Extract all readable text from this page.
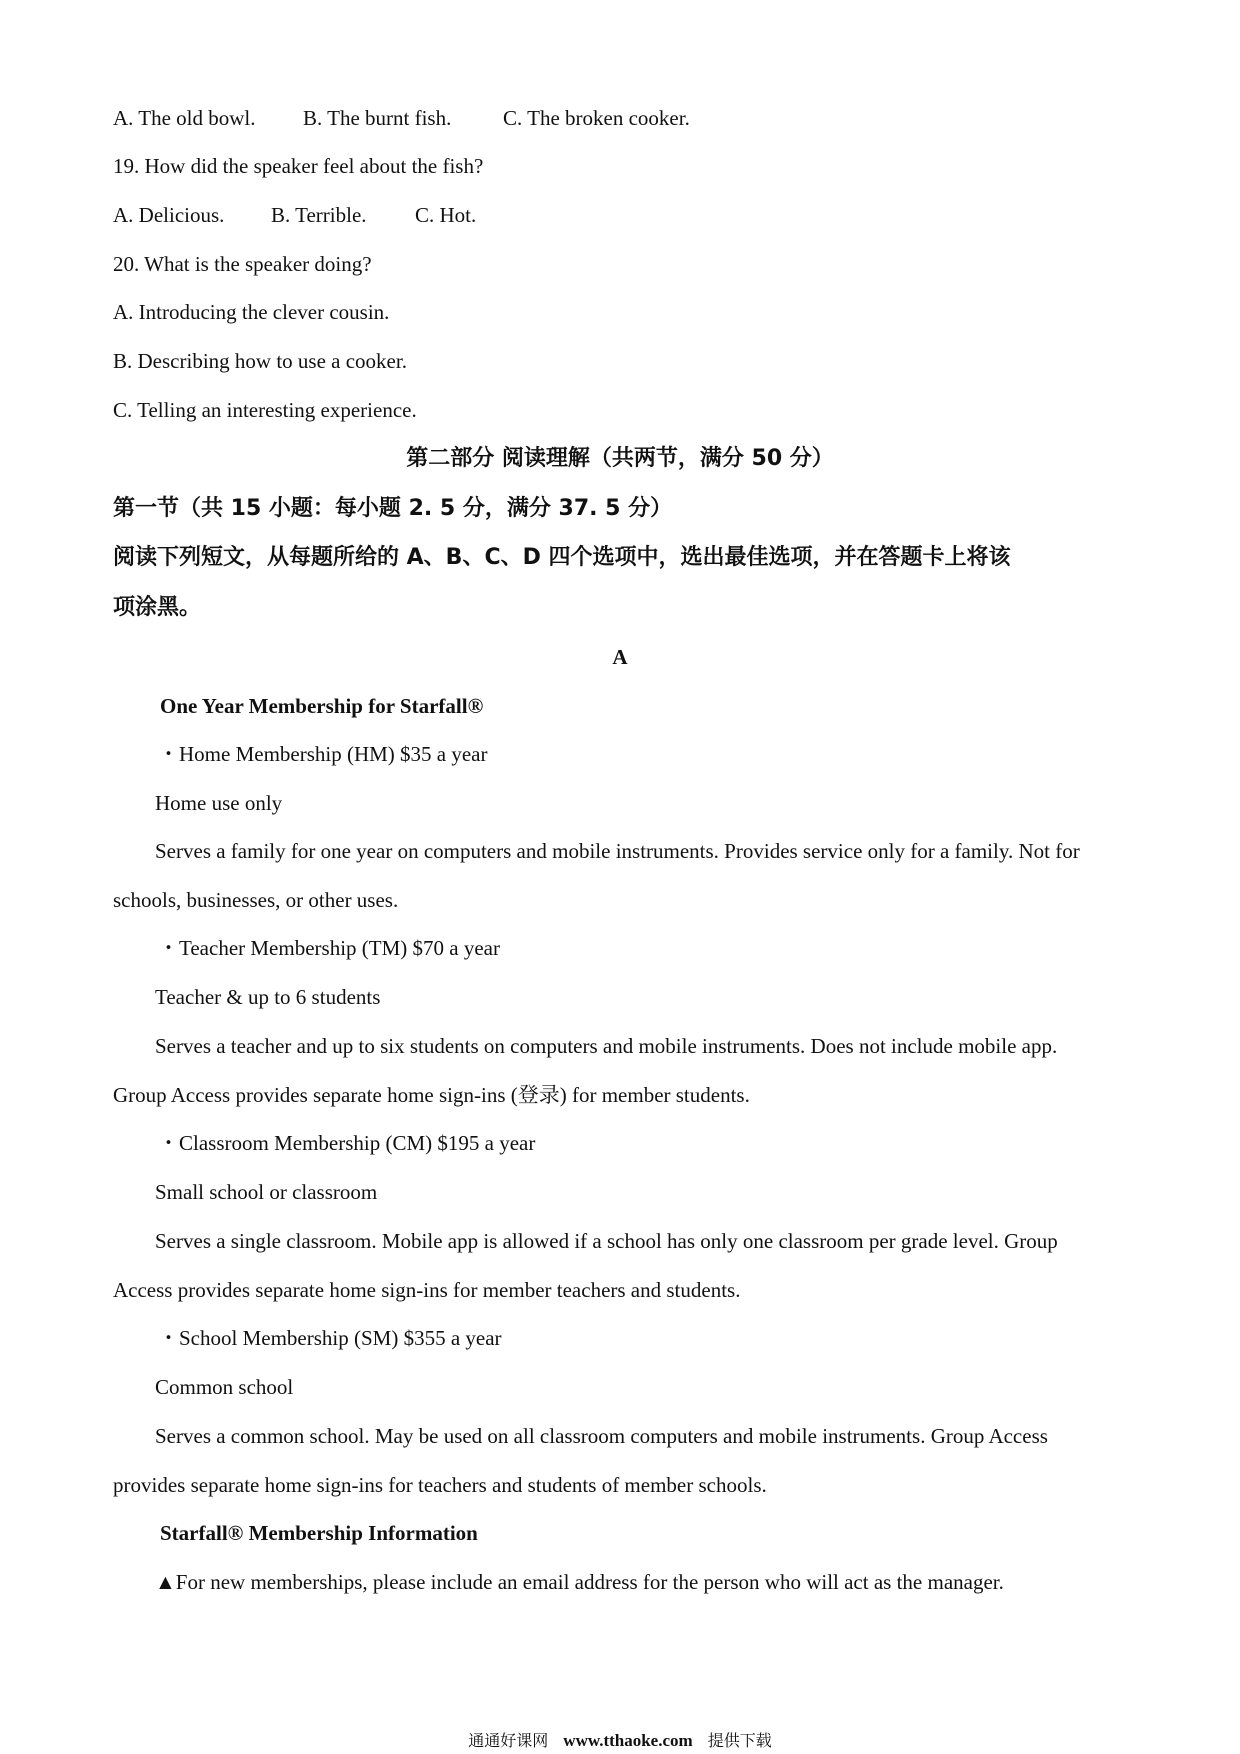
A. The old bowl. B. The burnt fish. C. The broken cooker.
19. How did the speaker feel about the fish?
A. Delicious. B. Terrible. C. Hot.
20. What is the speaker doing?
A. Introducing the clever cousin.
B. Describing how to use a cooker.
C. Telling an interesting experience.
第二部分 阅读理解（共两节，满分 50 分）
第一节（共 15 小题：每小题 2. 5 分，满分 37. 5 分）
阅读下列短文，从每题所给的 A、B、C、D 四个选项中，选出最佳选项，并在答题卡上将该
项涂黑。
A
One Year Membership for Starfall®
・Home Membership (HM) $35 a year
Home use only
Serves a family for one year on computers and mobile instruments. Provides service only for a family. Not for
schools, businesses, or other uses.
・Teacher Membership (TM) $70 a year
Teacher & up to 6 students
Serves a teacher and up to six students on computers and mobile instruments. Does not include mobile app.
Group Access provides separate home sign-ins (登录) for member students.
・Classroom Membership (CM) $195 a year
Small school or classroom
Serves a single classroom. Mobile app is allowed if a school has only one classroom per grade level. Group
Access provides separate home sign-ins for member teachers and students.
・School Membership (SM) $355 a year
Common school
Serves a common school. May be used on all classroom computers and mobile instruments. Group Access
provides separate home sign-ins for teachers and students of member schools.
Starfall® Membership Information
▲For new memberships, please include an email address for the person who will act as the manager.
通通好课网 www.tthaoke.com 提供下载
